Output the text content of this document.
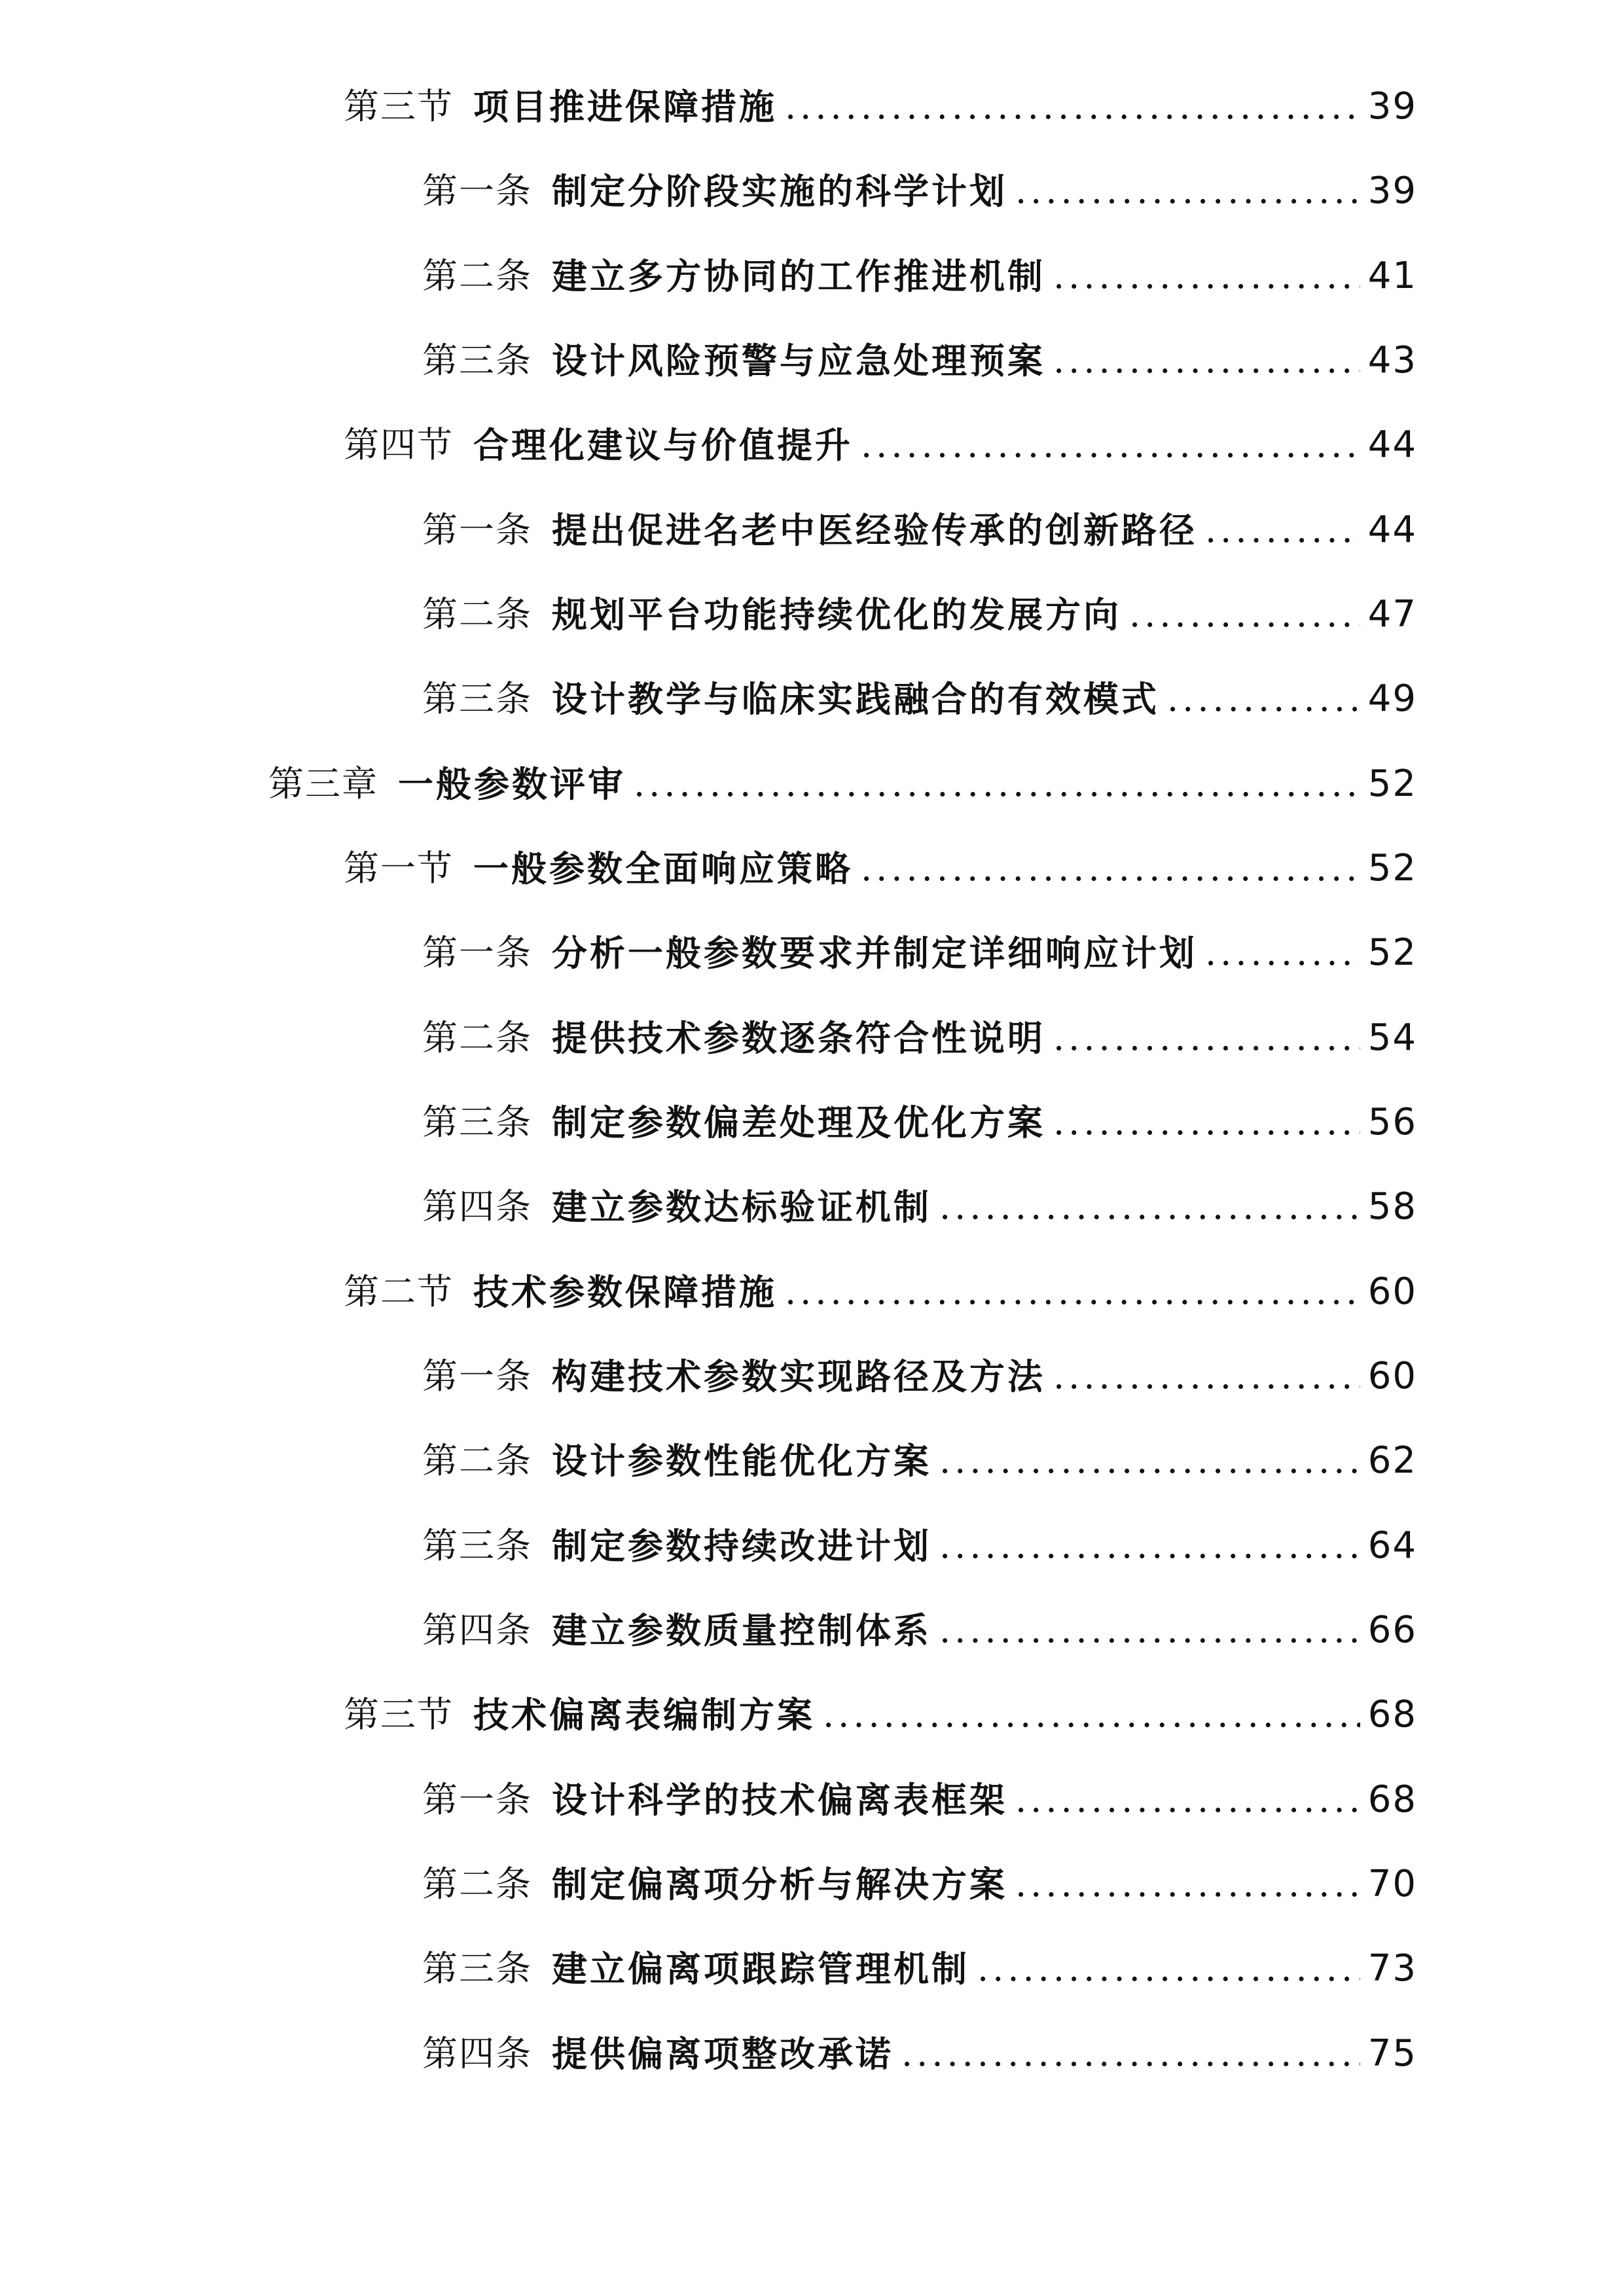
第三节 项目推进保障措施 .....	39
第一条 制定分阶段实施的科学计划 .....	39
第二条 建立多方协同的工作推进机制 .....	41
第三条 设计风险预警与应急处理预案 .....	43
第四节 合理化建议与价值提升 .....	44
第一条 提出促进名老中医经验传承的创新路径 .....	44
第二条 规划平台功能持续优化的发展方向 .....	47
第三条 设计教学与临床实践融合的有效模式 .....	49
第三章 一般参数评审 .....	52
第一节 一般参数全面响应策略 .....	52
第一条 分析一般参数要求并制定详细响应计划 .....	52
第二条 提供技术参数逐条符合性说明 .....	54
第三条 制定参数偏差处理及优化方案 .....	56
第四条 建立参数达标验证机制 .....	58
第二节 技术参数保障措施 .....	60
第一条 构建技术参数实现路径及方法 .....	60
第二条 设计参数性能优化方案 .....	62
第三条 制定参数持续改进计划 .....	64
第四条 建立参数质量控制体系 .....	66
第三节 技术偏离表编制方案 .....	68
第一条 设计科学的技术偏离表框架 .....	68
第二条 制定偏离项分析与解决方案 .....	70
第三条 建立偏离项跟踪管理机制 .....	73
第四条 提供偏离项整改承诺 .....	75
